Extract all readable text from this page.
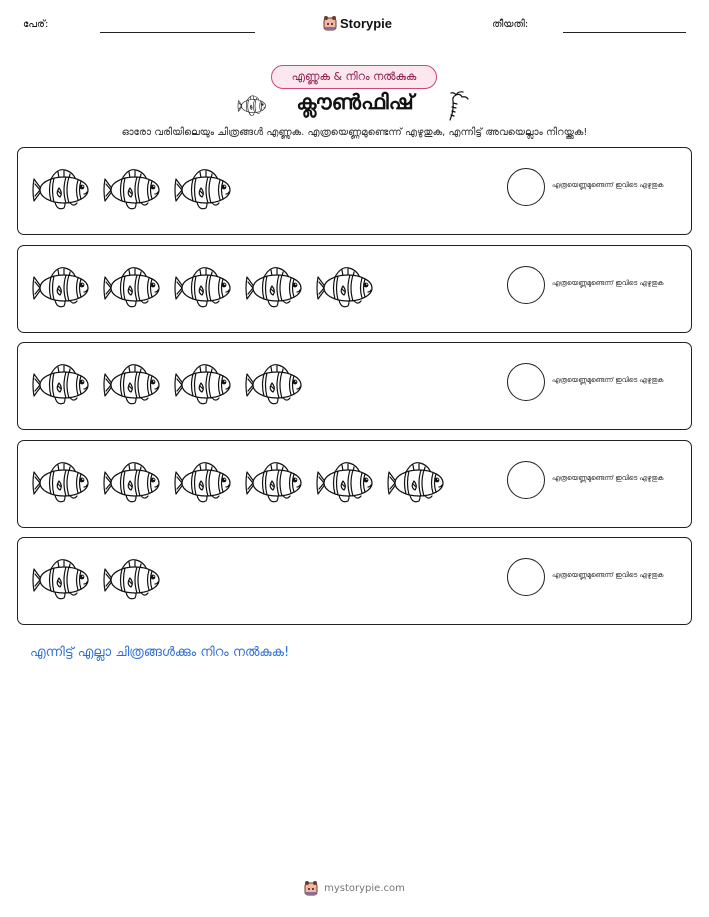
പേര്:	Storypie	തീയതി:
എണ്ണുക & നിറം നൽകുക
ക്ലൗൺഫിഷ്
ഓരോ വരിയിലെയും ചിത്രങ്ങൾ എണ്ണുക. എത്രയെണ്ണമുണ്ടെന്ന് എഴുതുക, എന്നിട്ട് അവയെല്ലാം നിറയ്ക്കുക!
എത്രയെണ്ണമുണ്ടെന്ന് ഇവിടെ എഴുതുക
എത്രയെണ്ണമുണ്ടെന്ന് ഇവിടെ എഴുതുക
എത്രയെണ്ണമുണ്ടെന്ന് ഇവിടെ എഴുതുക
എത്രയെണ്ണമുണ്ടെന്ന് ഇവിടെ എഴുതുക
എത്രയെണ്ണമുണ്ടെന്ന് ഇവിടെ എഴുതുക
എന്നിട്ട് എല്ലാ ചിത്രങ്ങൾക്കും നിറം നൽകുക!
mystorypie.com
